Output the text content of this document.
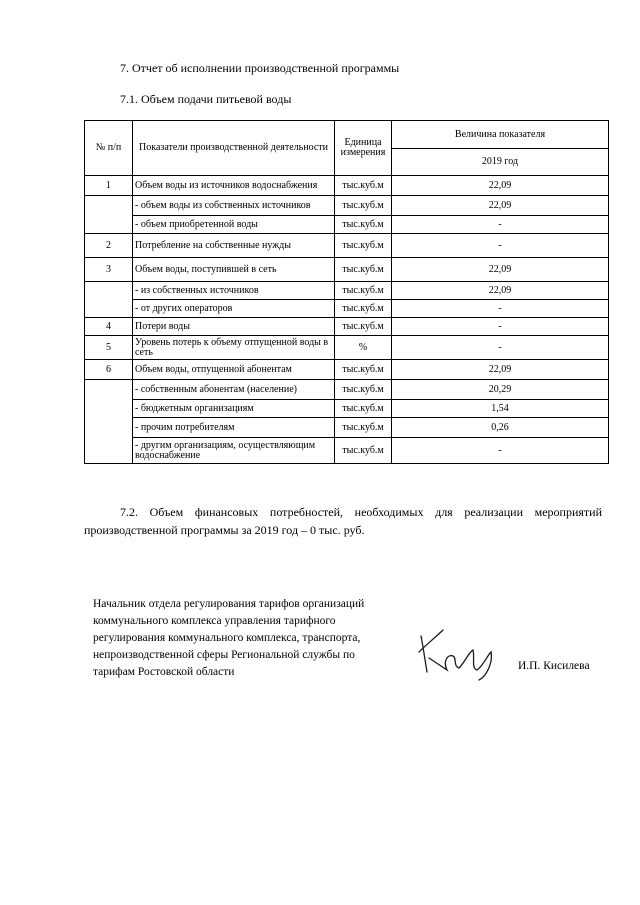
7. Отчет об исполнении производственной программы
7.1. Объем подачи питьевой воды
№ п/п	Показатели производственной деятельности	Единица измерения	Величина показателя
			2019 год
1	Объем воды из источников водоснабжения	тыс.куб.м	22,09
	- объем воды из собственных источников	тыс.куб.м	22,09
	- объем приобретенной воды	тыс.куб.м	-
2	Потребление на собственные нужды	тыс.куб.м	-
3	Объем воды, поступившей в сеть	тыс.куб.м	22,09
	- из собственных источников	тыс.куб.м	22,09
	- от других операторов	тыс.куб.м	-
4	Потери воды	тыс.куб.м	-
5	Уровень потерь к объему отпущенной воды в сеть	%	-
6	Объем воды, отпущенной абонентам	тыс.куб.м	22,09
	- собственным абонентам (население)	тыс.куб.м	20,29
	- бюджетным организациям	тыс.куб.м	1,54
	- прочим потребителям	тыс.куб.м	0,26
	- другим организациям, осуществляющим водоснабжение	тыс.куб.м	-
7.2. Объем финансовых потребностей, необходимых для реализации мероприятий
производственной программы за 2019 год – 0 тыс. руб.
Начальник отдела регулирования тарифов организаций
коммунального комплекса управления тарифного
регулирования коммунального комплекса, транспорта,
непроизводственной сферы Региональной службы по
тарифам Ростовской области	И.П. Кисилева
